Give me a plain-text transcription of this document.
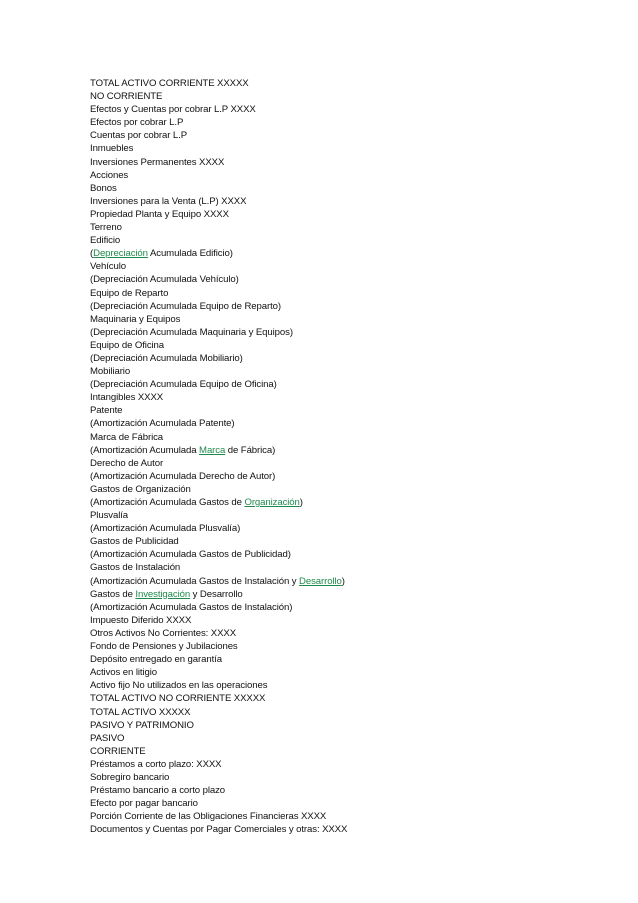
TOTAL ACTIVO CORRIENTE XXXXX
NO CORRIENTE
Efectos y Cuentas por cobrar L.P XXXX
Efectos por cobrar L.P
Cuentas por cobrar L.P
Inmuebles
Inversiones Permanentes XXXX
Acciones
Bonos
Inversiones para la Venta (L.P) XXXX
Propiedad Planta y Equipo XXXX
Terreno
Edificio
(Depreciación Acumulada Edificio)
Vehículo
(Depreciación Acumulada Vehículo)
Equipo de Reparto
(Depreciación Acumulada Equipo de Reparto)
Maquinaria y Equipos
(Depreciación Acumulada Maquinaria y Equipos)
Equipo de Oficina
(Depreciación Acumulada Mobiliario)
Mobiliario
(Depreciación Acumulada Equipo de Oficina)
Intangibles XXXX
Patente
(Amortización Acumulada Patente)
Marca de Fábrica
(Amortización Acumulada Marca de Fábrica)
Derecho de Autor
(Amortización Acumulada Derecho de Autor)
Gastos de Organización
(Amortización Acumulada Gastos de Organización)
Plusvalía
(Amortización Acumulada Plusvalía)
Gastos de Publicidad
(Amortización Acumulada Gastos de Publicidad)
Gastos de Instalación
(Amortización Acumulada Gastos de Instalación y Desarrollo)
Gastos de Investigación y Desarrollo
(Amortización Acumulada Gastos de Instalación)
Impuesto Diferido XXXX
Otros Activos No Corrientes: XXXX
Fondo de Pensiones y Jubilaciones
Depósito entregado en garantía
Activos en litigio
Activo fijo No utilizados en las operaciones
TOTAL ACTIVO NO CORRIENTE XXXXX
TOTAL ACTIVO XXXXX
PASIVO Y PATRIMONIO
PASIVO
CORRIENTE
Préstamos a corto plazo: XXXX
Sobregiro bancario
Préstamo bancario a corto plazo
Efecto por pagar bancario
Porción Corriente de las Obligaciones Financieras XXXX
Documentos y Cuentas por Pagar Comerciales y otras: XXXX
